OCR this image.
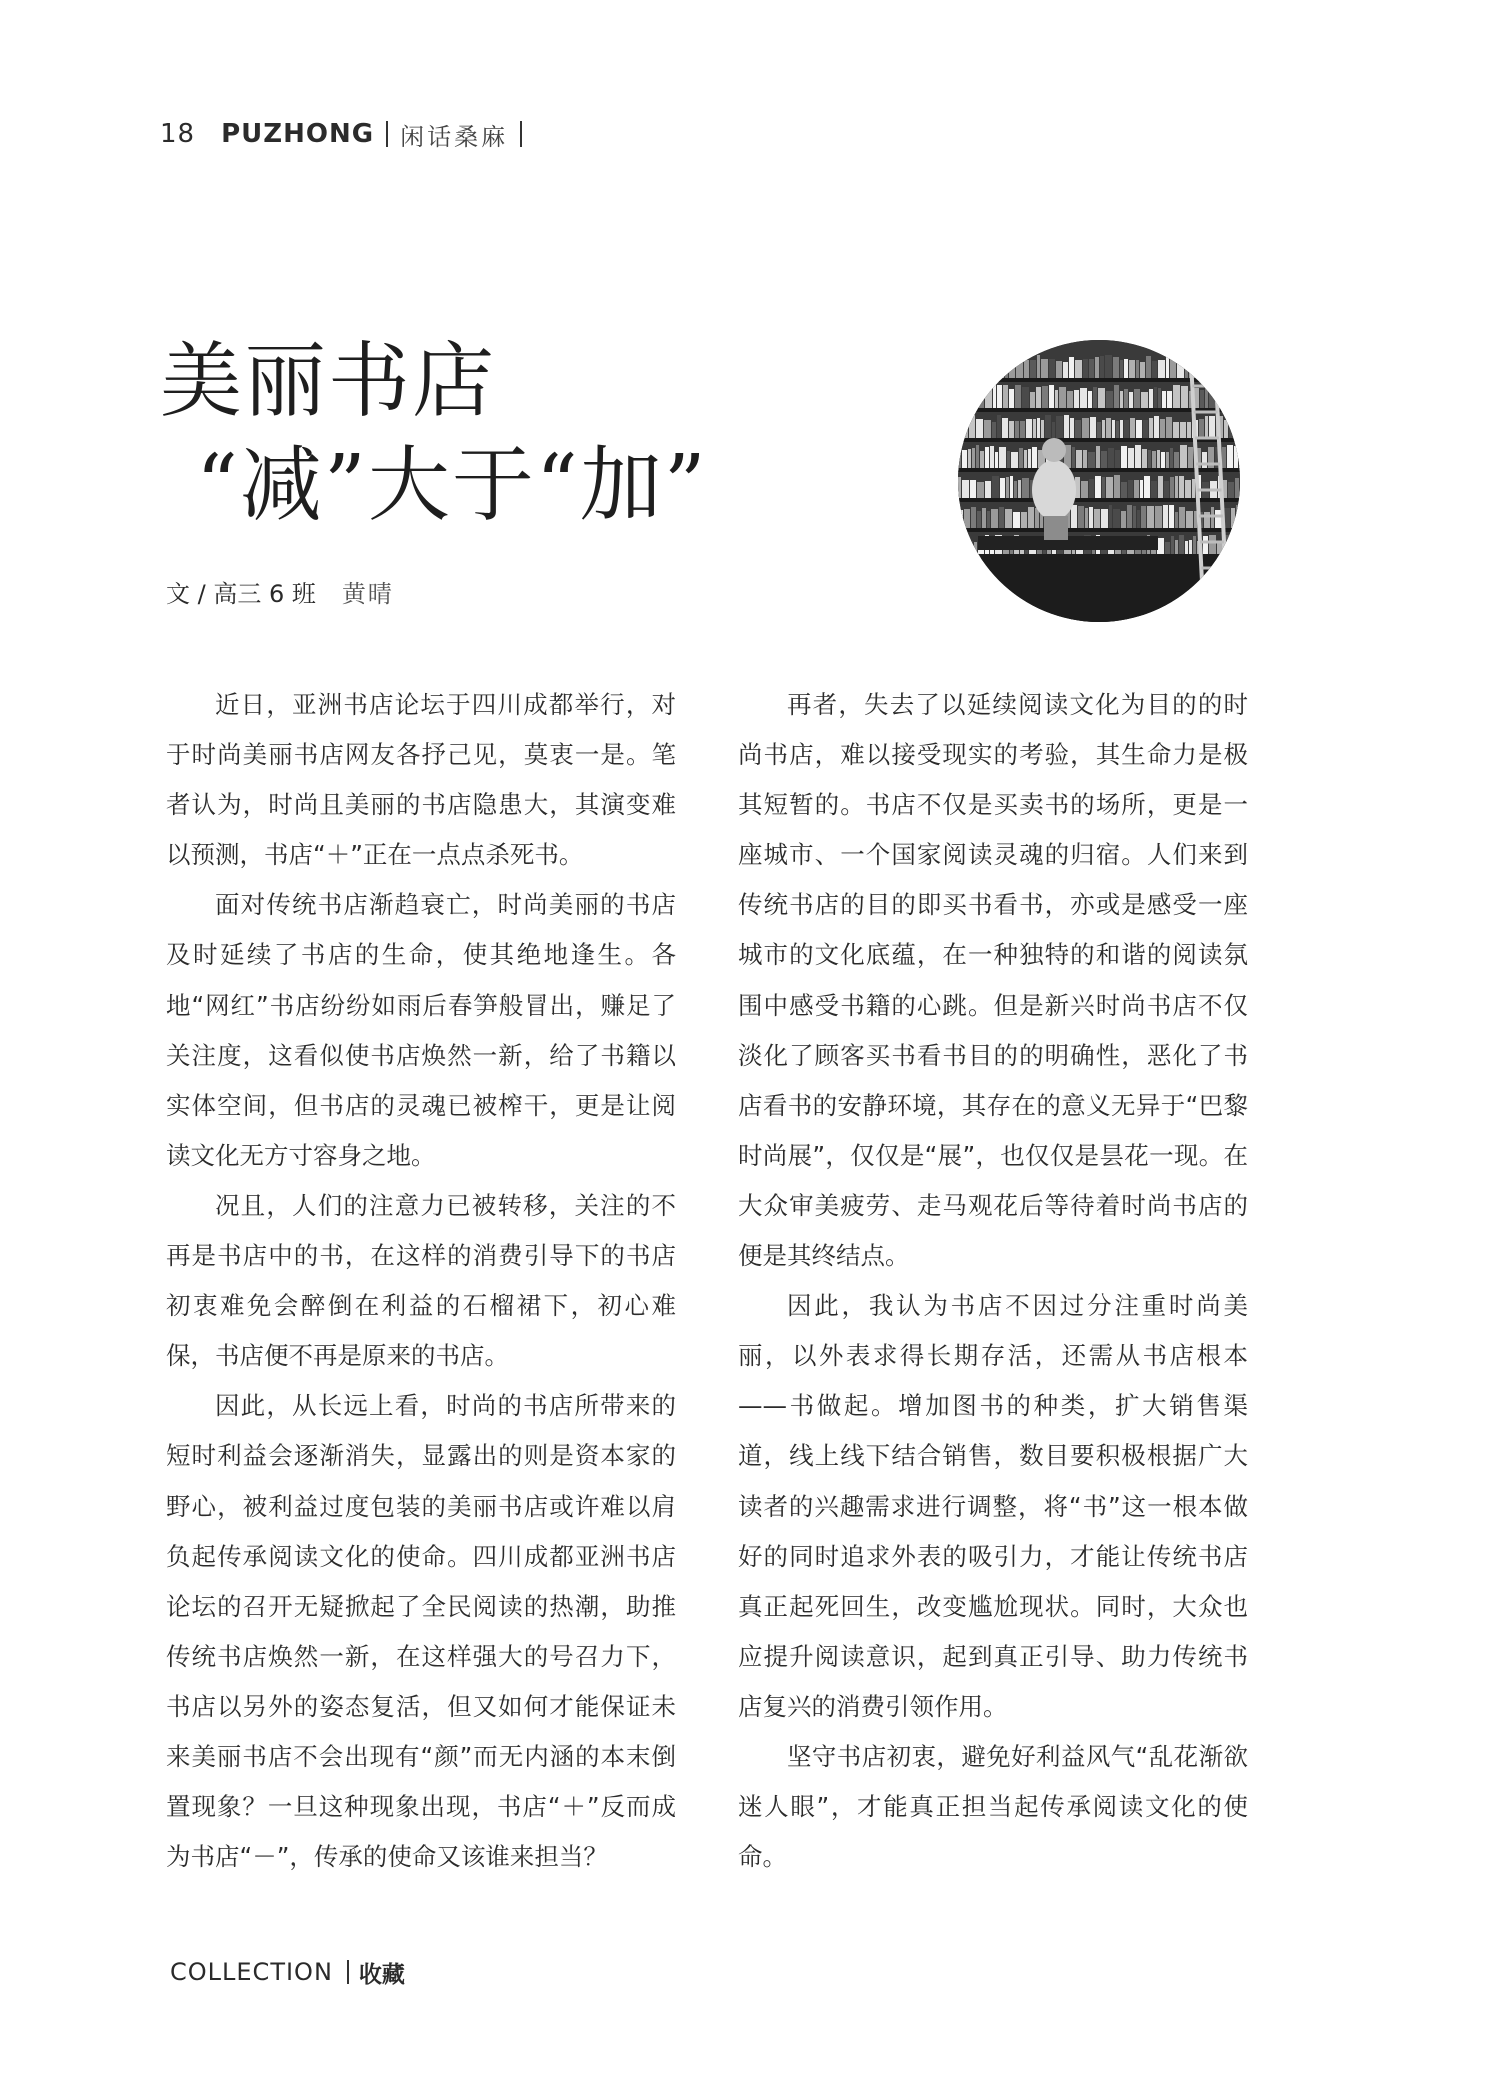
18 PUZHONG 闲话桑麻
美丽书店
“减”大于“加”
文 / 高三 6 班 黄晴

近日，亚洲书店论坛于四川成都举行，对于时尚美丽书店网友各抒己见，莫衷一是。笔者认为，时尚且美丽的书店隐患大，其演变难以预测，书店“＋”正在一点点杀死书。

面对传统书店渐趋衰亡，时尚美丽的书店及时延续了书店的生命，使其绝地逢生。各地“网红”书店纷纷如雨后春笋般冒出，赚足了关注度，这看似使书店焕然一新，给了书籍以实体空间，但书店的灵魂已被榨干，更是让阅读文化无方寸容身之地。

况且，人们的注意力已被转移，关注的不再是书店中的书，在这样的消费引导下的书店初衷难免会醉倒在利益的石榴裙下，初心难保，书店便不再是原来的书店。

因此，从长远上看，时尚的书店所带来的短时利益会逐渐消失，显露出的则是资本家的野心，被利益过度包装的美丽书店或许难以肩负起传承阅读文化的使命。四川成都亚洲书店论坛的召开无疑掀起了全民阅读的热潮，助推传统书店焕然一新，在这样强大的号召力下，书店以另外的姿态复活，但又如何才能保证未来美丽书店不会出现有“颜”而无内涵的本末倒置现象？一旦这种现象出现，书店“＋”反而成为书店“－”，传承的使命又该谁来担当？

再者，失去了以延续阅读文化为目的的时尚书店，难以接受现实的考验，其生命力是极其短暂的。书店不仅是买卖书的场所，更是一座城市、一个国家阅读灵魂的归宿。人们来到传统书店的目的即买书看书，亦或是感受一座城市的文化底蕴，在一种独特的和谐的阅读氛围中感受书籍的心跳。但是新兴时尚书店不仅淡化了顾客买书看书目的的明确性，恶化了书店看书的安静环境，其存在的意义无异于“巴黎时尚展”，仅仅是“展”，也仅仅是昙花一现。在大众审美疲劳、走马观花后等待着时尚书店的便是其终结点。

因此，我认为书店不因过分注重时尚美丽，以外表求得长期存活，还需从书店根本——书做起。增加图书的种类，扩大销售渠道，线上线下结合销售，数目要积极根据广大读者的兴趣需求进行调整，将“书”这一根本做好的同时追求外表的吸引力，才能让传统书店真正起死回生，改变尴尬现状。同时，大众也应提升阅读意识，起到真正引导、助力传统书店复兴的消费引领作用。

坚守书店初衷，避免好利益风气“乱花渐欲迷人眼”，才能真正担当起传承阅读文化的使命。

COLLECTION 收藏
